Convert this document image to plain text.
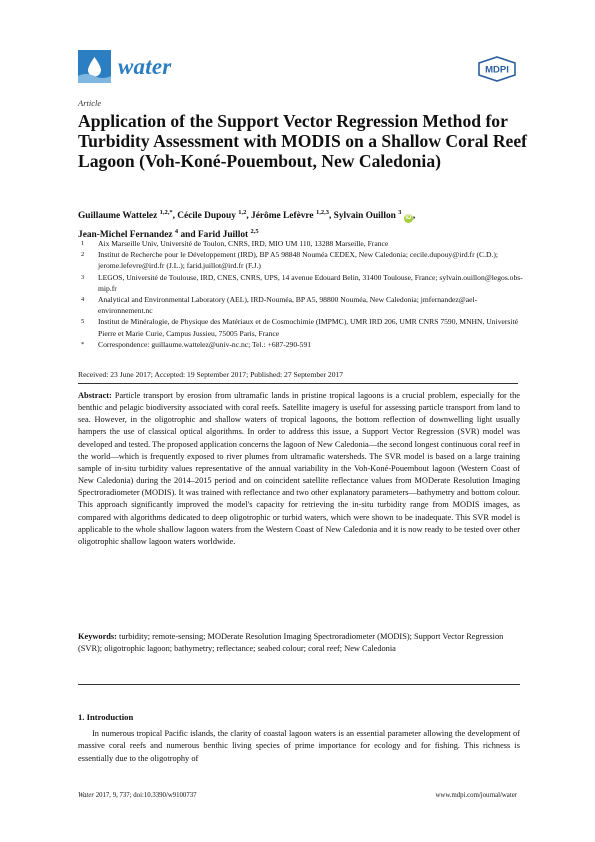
water	MDPI
Article
Application of the Support Vector Regression Method for Turbidity Assessment with MODIS on a Shallow Coral Reef Lagoon (Voh-Koné-Pouembout, New Caledonia)
Guillaume Wattelez $^{1,2,*}$, Cécile Dupouy $^{1,2}$, Jérôme Lefèvre $^{1,2,3}$, Sylvain Ouillon $^3$ iD ,
Jean-Michel Fernandez $^4$ and Farid Juillot $^{2,5}$
1	Aix Marseille Univ, Université de Toulon, CNRS, IRD, MIO UM 110, 13288 Marseille, France
2	Institut de Recherche pour le Développement (IRD), BP A5 98848 Nouméa CEDEX, New Caledonia; cecile.dupouy@ird.fr (C.D.); jerome.lefevre@ird.fr (J.L.); farid.juillot@ird.fr (F.J.)
3	LEGOS, Université de Toulouse, IRD, CNES, CNRS, UPS, 14 avenue Edouard Belin, 31400 Toulouse, France; sylvain.ouillon@legos.obs-mip.fr
4	Analytical and Environmental Laboratory (AEL), IRD-Nouméa, BP A5, 98800 Nouméa, New Caledonia; jmfernandez@ael-environnement.nc
5	Institut de Minéralogie, de Physique des Matériaux et de Cosmochimie (IMPMC), UMR IRD 206, UMR CNRS 7590, MNHN, Université Pierre et Marie Curie, Campus Jussieu, 75005 Paris, France
*	Correspondence: guillaume.wattelez@univ-nc.nc; Tel.: +687-290-591
Received: 23 June 2017; Accepted: 19 September 2017; Published: 27 September 2017
Abstract: Particle transport by erosion from ultramafic lands in pristine tropical lagoons is a crucial problem, especially for the benthic and pelagic biodiversity associated with coral reefs. Satellite imagery is useful for assessing particle transport from land to sea. However, in the oligotrophic and shallow waters of tropical lagoons, the bottom reflection of downwelling light usually hampers the use of classical optical algorithms. In order to address this issue, a Support Vector Regression (SVR) model was developed and tested. The proposed application concerns the lagoon of New Caledonia—the second longest continuous coral reef in the world—which is frequently exposed to river plumes from ultramafic watersheds. The SVR model is based on a large training sample of in-situ turbidity values representative of the annual variability in the Voh-Koné-Pouembout lagoon (Western Coast of New Caledonia) during the 2014–2015 period and on coincident satellite reflectance values from MODerate Resolution Imaging Spectroradiometer (MODIS). It was trained with reflectance and two other explanatory parameters—bathymetry and bottom colour. This approach significantly improved the model's capacity for retrieving the in-situ turbidity range from MODIS images, as compared with algorithms dedicated to deep oligotrophic or turbid waters, which were shown to be inadequate. This SVR model is applicable to the whole shallow lagoon waters from the Western Coast of New Caledonia and it is now ready to be tested over other oligotrophic shallow lagoon waters worldwide.
Keywords: turbidity; remote-sensing; MODerate Resolution Imaging Spectroradiometer (MODIS); Support Vector Regression (SVR); oligotrophic lagoon; bathymetry; reflectance; seabed colour; coral reef; New Caledonia
1. Introduction
In numerous tropical Pacific islands, the clarity of coastal lagoon waters is an essential parameter allowing the development of massive coral reefs and numerous benthic living species of prime importance for ecology and for fishing. This richness is essentially due to the oligotrophy of
Water 2017, 9, 737; doi:10.3390/w9100737	www.mdpi.com/journal/water
